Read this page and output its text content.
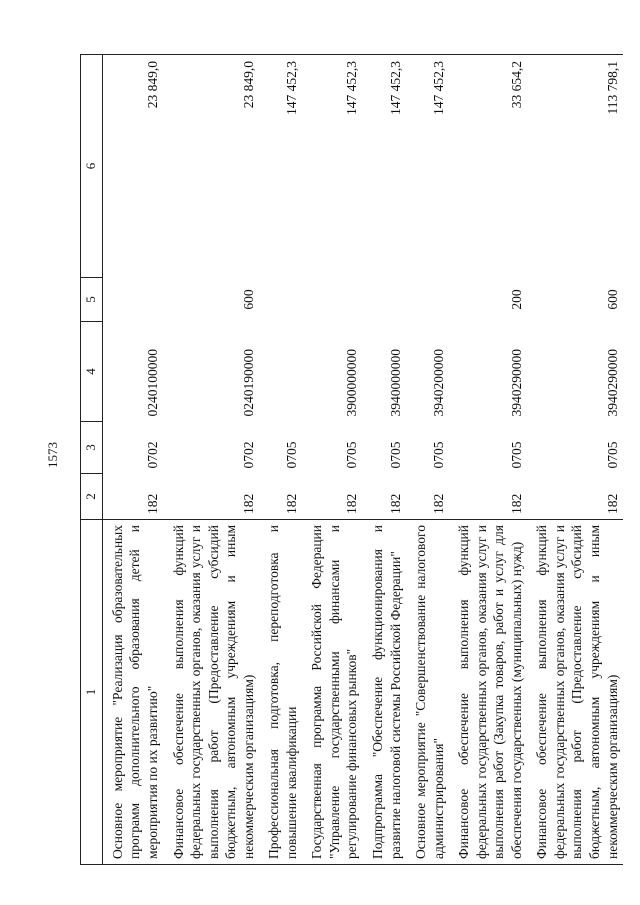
1573
1	2	3	4	5	6
Основное мероприятие "Реализация образовательных программ дополнительного образования детей и мероприятия по их развитию"	182	0702	0240100000		23 849,0
Финансовое обеспечение выполнения функций федеральных государственных органов, оказания услуг и выполнения работ (Предоставление субсидий бюджетным, автономным учреждениям и иным некоммерческим организациям)	182	0702	0240190000	600	23 849,0
Профессиональная подготовка, переподготовка и повышение квалификации	182	0705			147 452,3
Государственная программа Российской Федерации "Управление государственными финансами и регулирование финансовых рынков"	182	0705	3900000000		147 452,3
Подпрограмма "Обеспечение функционирования и развитие налоговой системы Российской Федерации"	182	0705	3940000000		147 452,3
Основное мероприятие "Совершенствование налогового администрирования"	182	0705	3940200000		147 452,3
Финансовое обеспечение выполнения функций федеральных государственных органов, оказания услуг и выполнения работ (Закупка товаров, работ и услуг для обеспечения государственных (муниципальных) нужд)	182	0705	3940290000	200	33 654,2
Финансовое обеспечение выполнения функций федеральных государственных органов, оказания услуг и выполнения работ (Предоставление субсидий бюджетным, автономным учреждениям и иным некоммерческим организациям)	182	0705	3940290000	600	113 798,1
